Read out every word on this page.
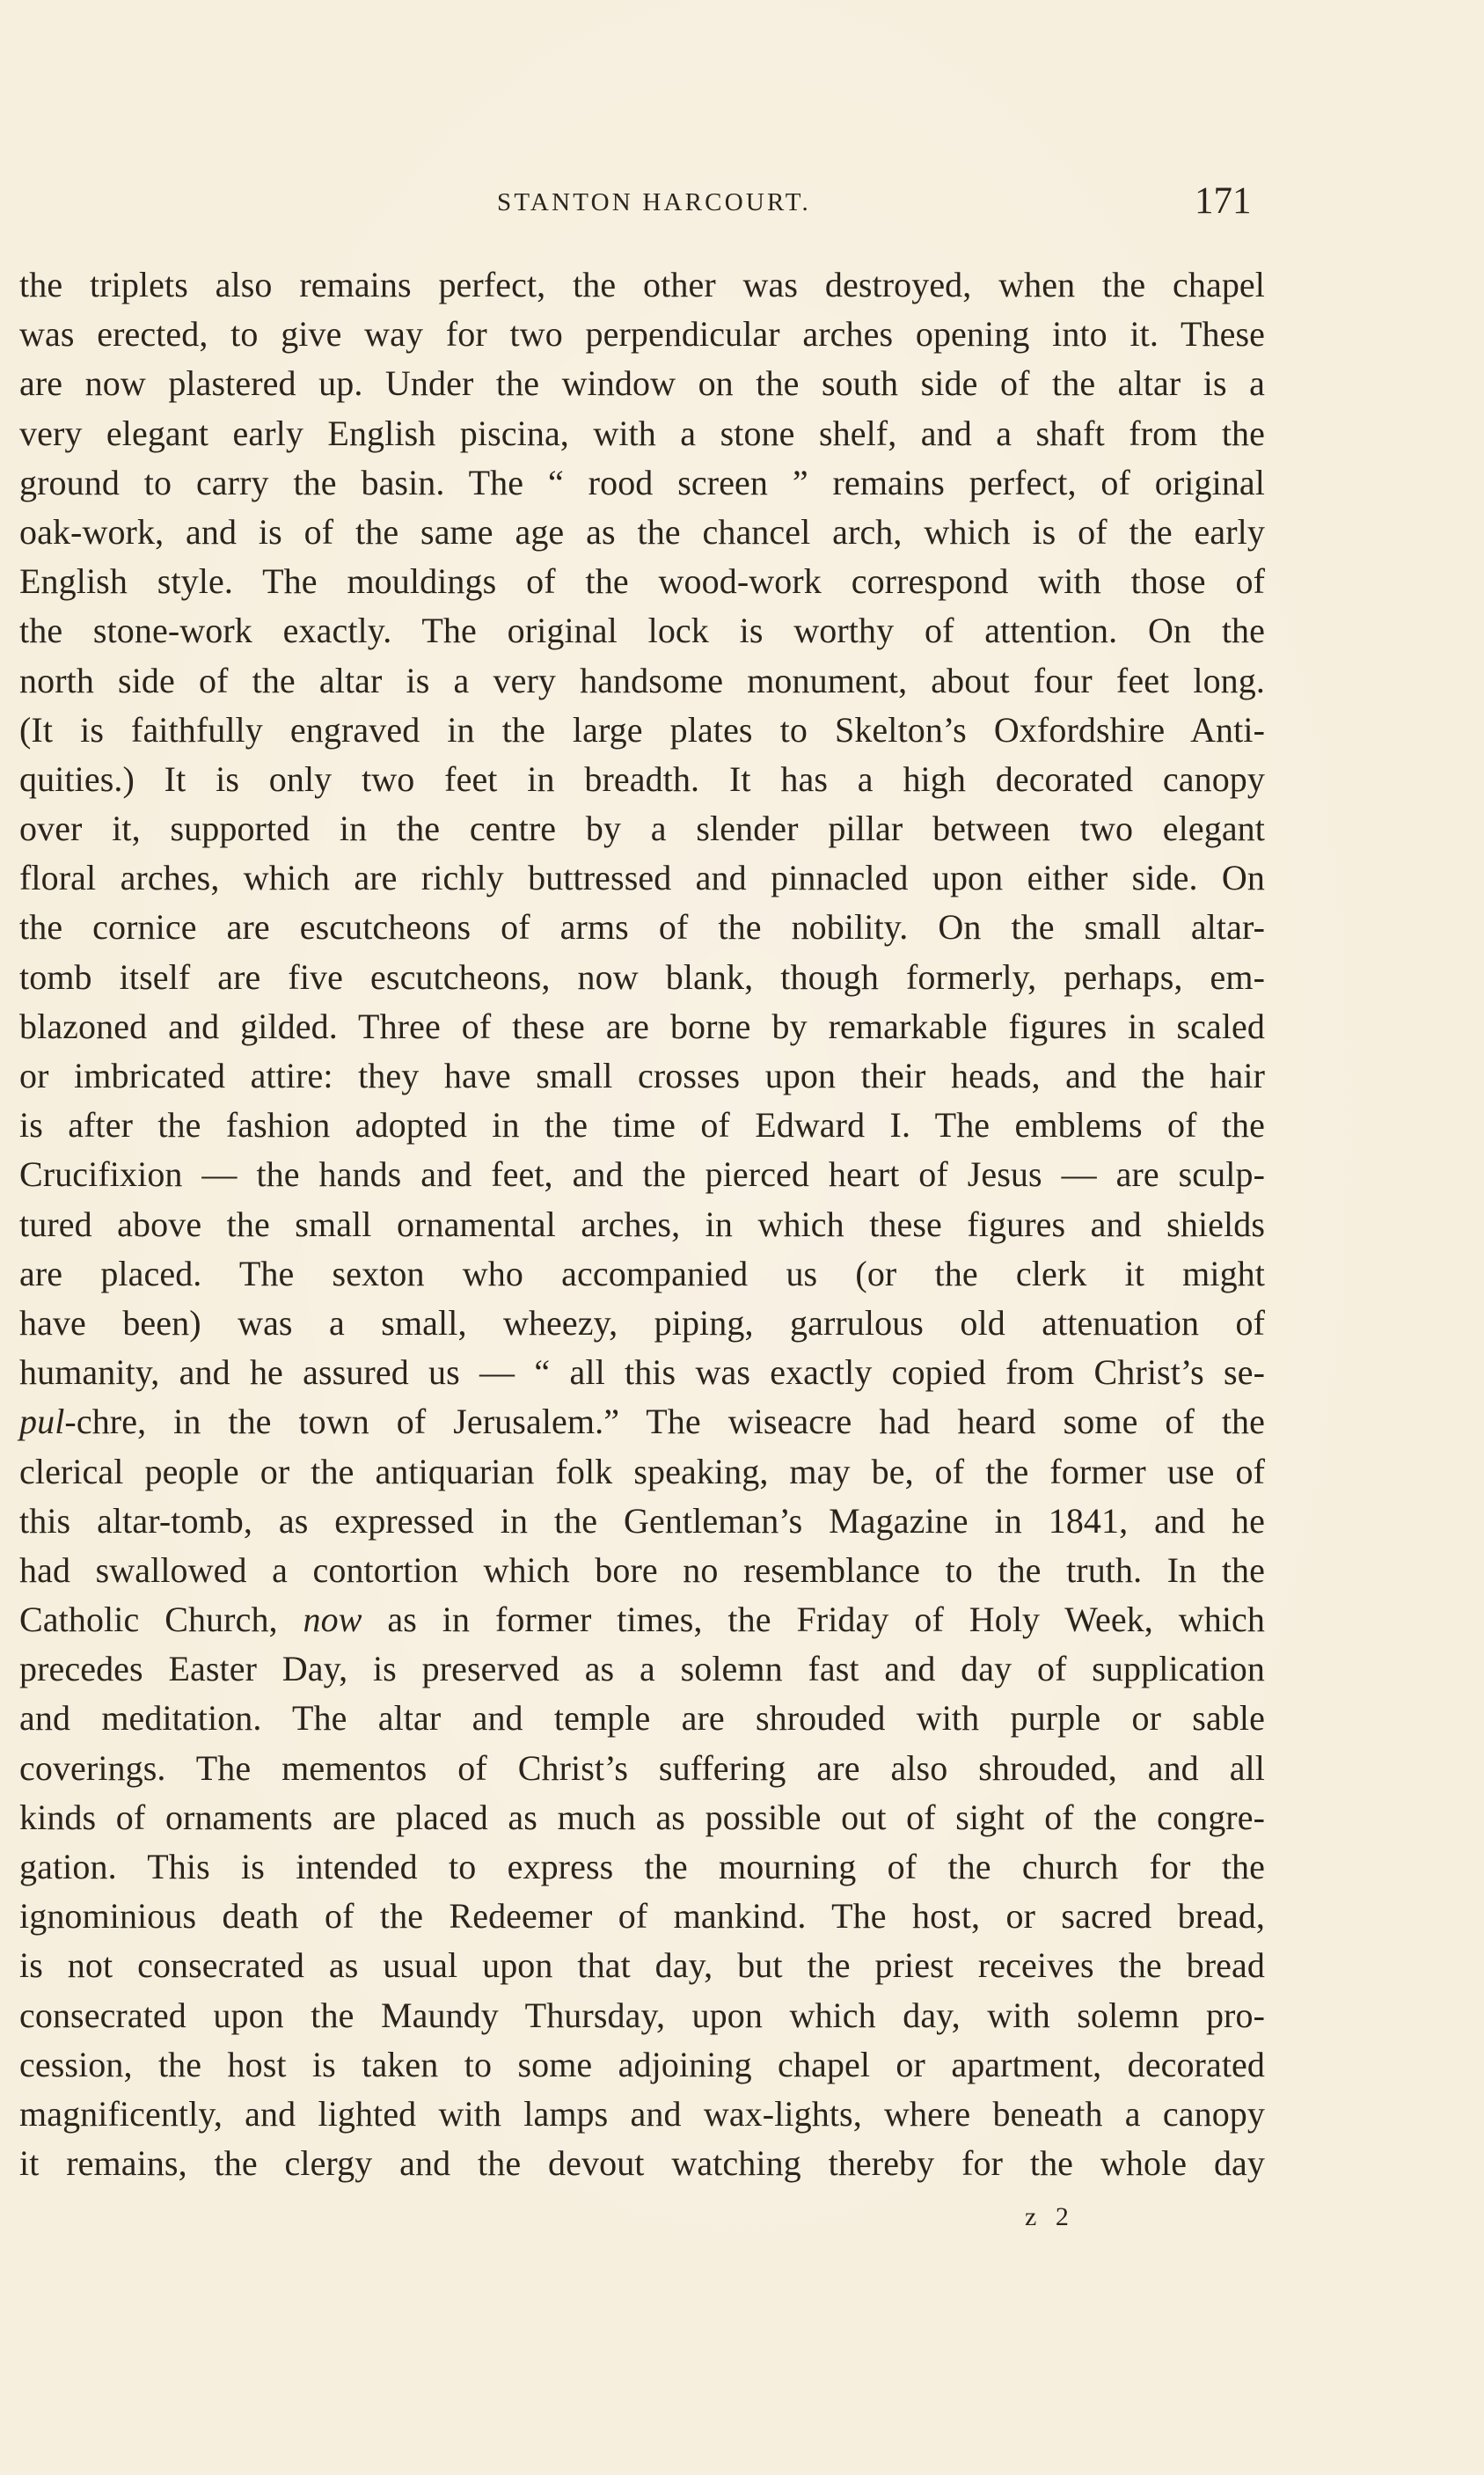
STANTON HARCOURT.	171
the triplets also remains perfect, the other was destroyed, when the chapel
was erected, to give way for two perpendicular arches opening into it. These
are now plastered up. Under the window on the south side of the altar is a
very elegant early English piscina, with a stone shelf, and a shaft from the
ground to carry the basin. The “ rood screen ” remains perfect, of original
oak-work, and is of the same age as the chancel arch, which is of the early
English style. The mouldings of the wood-work correspond with those of
the stone-work exactly. The original lock is worthy of attention. On the
north side of the altar is a very handsome monument, about four feet long.
(It is faithfully engraved in the large plates to Skelton’s Oxfordshire Anti-
quities.) It is only two feet in breadth. It has a high decorated canopy
over it, supported in the centre by a slender pillar between two elegant
floral arches, which are richly buttressed and pinnacled upon either side. On
the cornice are escutcheons of arms of the nobility. On the small altar-
tomb itself are five escutcheons, now blank, though formerly, perhaps, em-
blazoned and gilded. Three of these are borne by remarkable figures in scaled
or imbricated attire: they have small crosses upon their heads, and the hair
is after the fashion adopted in the time of Edward I. The emblems of the
Crucifixion — the hands and feet, and the pierced heart of Jesus — are sculp-
tured above the small ornamental arches, in which these figures and shields
are placed. The sexton who accompanied us (or the clerk it might
have been) was a small, wheezy, piping, garrulous old attenuation of
humanity, and he assured us — “ all this was exactly copied from Christ’s se-
pul-chre, in the town of Jerusalem.” The wiseacre had heard some of the
clerical people or the antiquarian folk speaking, may be, of the former use of
this altar-tomb, as expressed in the Gentleman’s Magazine in 1841, and he
had swallowed a contortion which bore no resemblance to the truth. In the
Catholic Church, now as in former times, the Friday of Holy Week, which
precedes Easter Day, is preserved as a solemn fast and day of supplication
and meditation. The altar and temple are shrouded with purple or sable
coverings. The mementos of Christ’s suffering are also shrouded, and all
kinds of ornaments are placed as much as possible out of sight of the congre-
gation. This is intended to express the mourning of the church for the
ignominious death of the Redeemer of mankind. The host, or sacred bread,
is not consecrated as usual upon that day, but the priest receives the bread
consecrated upon the Maundy Thursday, upon which day, with solemn pro-
cession, the host is taken to some adjoining chapel or apartment, decorated
magnificently, and lighted with lamps and wax-lights, where beneath a canopy
it remains, the clergy and the devout watching thereby for the whole day
z 2
